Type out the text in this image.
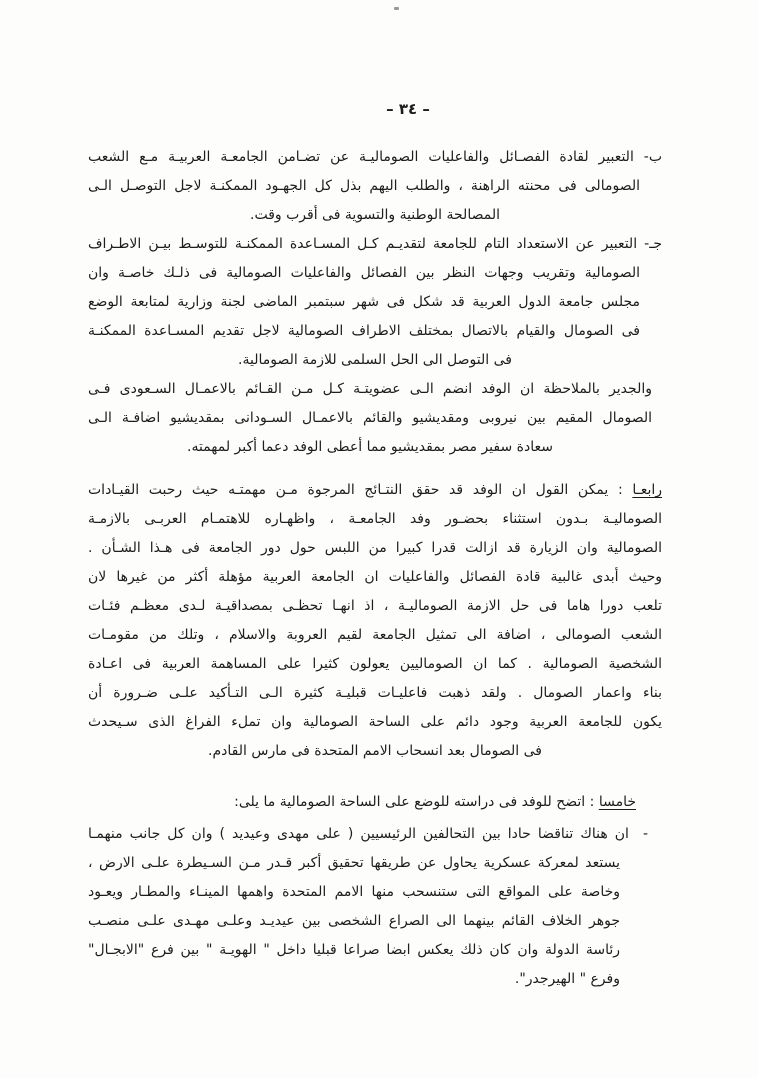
– ٣٤ –
ب- التعبير لقادة الفصـائل والفاعليات الصوماليـة عن تضـامن الجامعـة العربيـة مـع الشعب
الصومالى فى محنته الراهنة ، والطلب اليهم بذل كل الجهـود الممكنـة لاجل التوصـل الـى
المصالحة الوطنية والتسوية فى أقرب وقت.
جـ- التعبير عن الاستعداد التام للجامعة لتقديـم كـل المسـاعدة الممكنـة للتوسـط بيـن الاطـراف
الصومالية وتقريب وجهات النظر بين الفصائل والفاعليات الصومالية فى ذلـك خاصـة وان
مجلس جامعة الدول العربية قد شكل فى شهر سبتمبر الماضى لجنة وزارية لمتابعة الوضع
فى الصومال والقيام بالاتصال بمختلف الاطراف الصومالية لاجل تقديم المسـاعدة الممكنـة
فى التوصل الى الحل السلمى للازمة الصومالية.
والجدير بالملاحظة ان الوفد انضم الـى عضويتـة كـل مـن القـائم بالاعمـال السـعودى فـى
الصومال المقيم بين نيروبى ومقديشيو والقائم بالاعمـال السـودانى بمقديشيو اضافـة الـى
سعادة سفير مصر بمقديشيو مما أعطى الوفد دعما أكبر لمهمته.
رابعـا : يمكن القول ان الوفد قد حقق النتـائج المرجوة مـن مهمتـه حيث رحبت القيـادات
الصوماليـة بـدون استثناء بحضـور وفد الجامعـة ، واظهـاره للاهتمـام العربـى بالازمـة
الصومالية وان الزيارة قد ازالت قدرا كبيرا من اللبس حول دور الجامعة فى هـذا الشـأن .
وحيث أبدى غالبية قادة الفصائل والفاعليات ان الجامعة العربية مؤهلة أكثر من غيرها لان
تلعب دورا هاما فى حل الازمة الصوماليـة ، اذ انهـا تحظـى بمصداقيـة لـدى معظـم فئـات
الشعب الصومالى ، اضافة الى تمثيل الجامعة لقيم العروبة والاسلام ، وتلك من مقومـات
الشخصية الصومالية . كما ان الصوماليين يعولون كثيرا على المساهمة العربية فى اعـادة
بناء واعمار الصومال . ولقد ذهبت فاعليـات قبليـة كثيرة الـى التـأكيد علـى ضـرورة أن
يكون للجامعة العربية وجود دائم على الساحة الصومالية وان تملء الفراغ الذى سـيحدث
فى الصومال بعد انسحاب الامم المتحدة فى مارس القادم.
خامسا : اتضح للوفد فى دراسته للوضع على الساحة الصومالية ما يلى:
-ان هناك تناقضا حادا بين التحالفين الرئيسيين ( على مهدى وعيديد ) وان كل جانب منهمـا
يستعد لمعركة عسكرية يحاول عن طريقها تحقيق أكبر قـدر مـن السـيطرة علـى الارض ،
وخاصة على المواقع التى ستنسحب منها الامم المتحدة واهمها المينـاء والمطـار ويعـود
جوهر الخلاف القائم بينهما الى الصراع الشخصى بين عيديـد وعلـى مهـدى علـى منصـب
رئاسة الدولة وان كان ذلك يعكس ابضا صراعا قبليا داخل " الهويـة " بين فرع "الابجـال"
وفرع " الهيرجدر".
